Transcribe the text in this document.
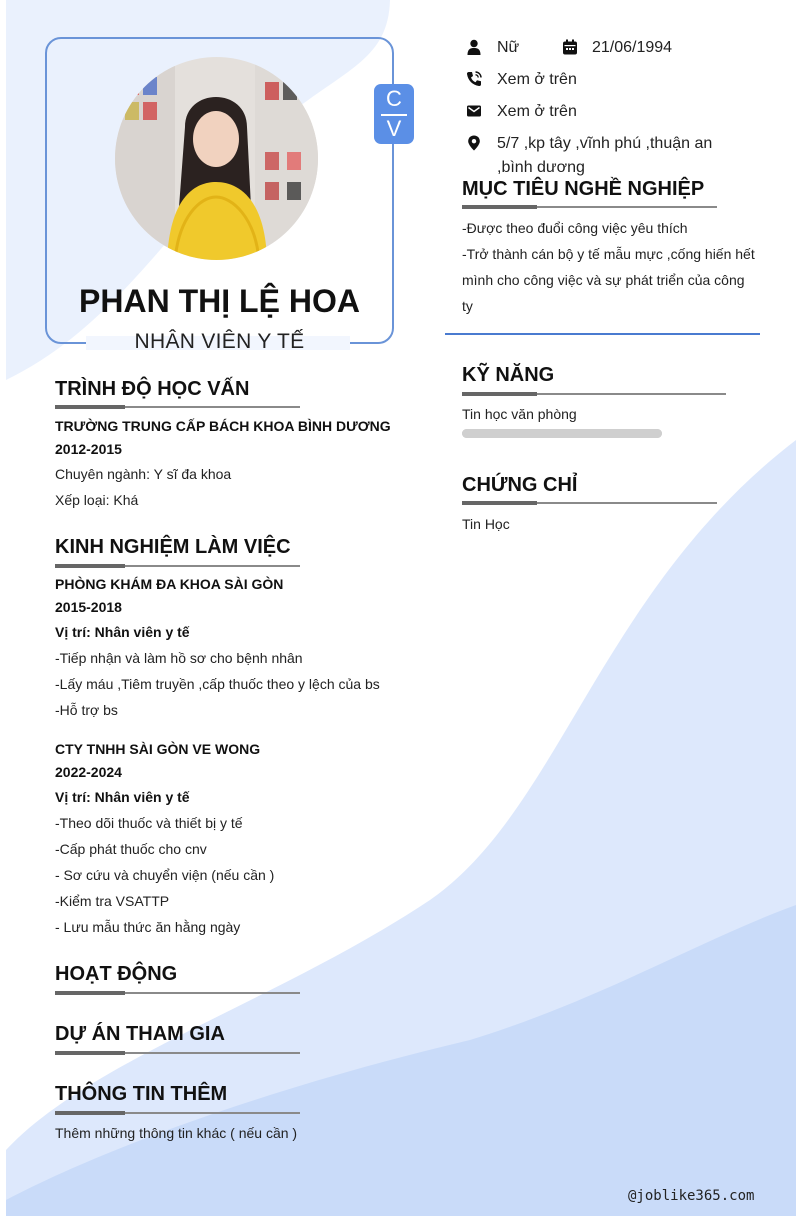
C
V
PHAN THỊ LỆ HOA
NHÂN VIÊN Y TẾ
Nữ	21/06/1994
Xem ở trên
Xem ở trên
5/7 ,kp tây ,vĩnh phú ,thuận an
,bình dương
MỤC TIÊU NGHỀ NGHIỆP
-Được theo đuổi công việc yêu thích
-Trở thành cán bộ y tế mẫu mực ,cống hiến hết
mình cho công việc và sự phát triển của công
ty
KỸ NĂNG
Tin học văn phòng
CHỨNG CHỈ
Tin Học
TRÌNH ĐỘ HỌC VẤN
TRƯỜNG TRUNG CẤP BÁCH KHOA BÌNH DƯƠNG
2012-2015
Chuyên ngành: Y sĩ đa khoa
Xếp loại: Khá
KINH NGHIỆM LÀM VIỆC
PHÒNG KHÁM ĐA KHOA SÀI GÒN
2015-2018
Vị trí: Nhân viên y tế
-Tiếp nhận và làm hồ sơ cho bệnh nhân
-Lấy máu ,Tiêm truyền ,cấp thuốc theo y lệch của bs
-Hỗ trợ bs
CTY TNHH SÀI GÒN VE WONG
2022-2024
Vị trí: Nhân viên y tế
-Theo dõi thuốc và thiết bị y tế
-Cấp phát thuốc cho cnv
- Sơ cứu và chuyển viện (nếu cần )
-Kiểm tra VSATTP
- Lưu mẫu thức ăn hằng ngày
HOẠT ĐỘNG
DỰ ÁN THAM GIA
THÔNG TIN THÊM
Thêm những thông tin khác ( nếu cần )
@joblike365.com
